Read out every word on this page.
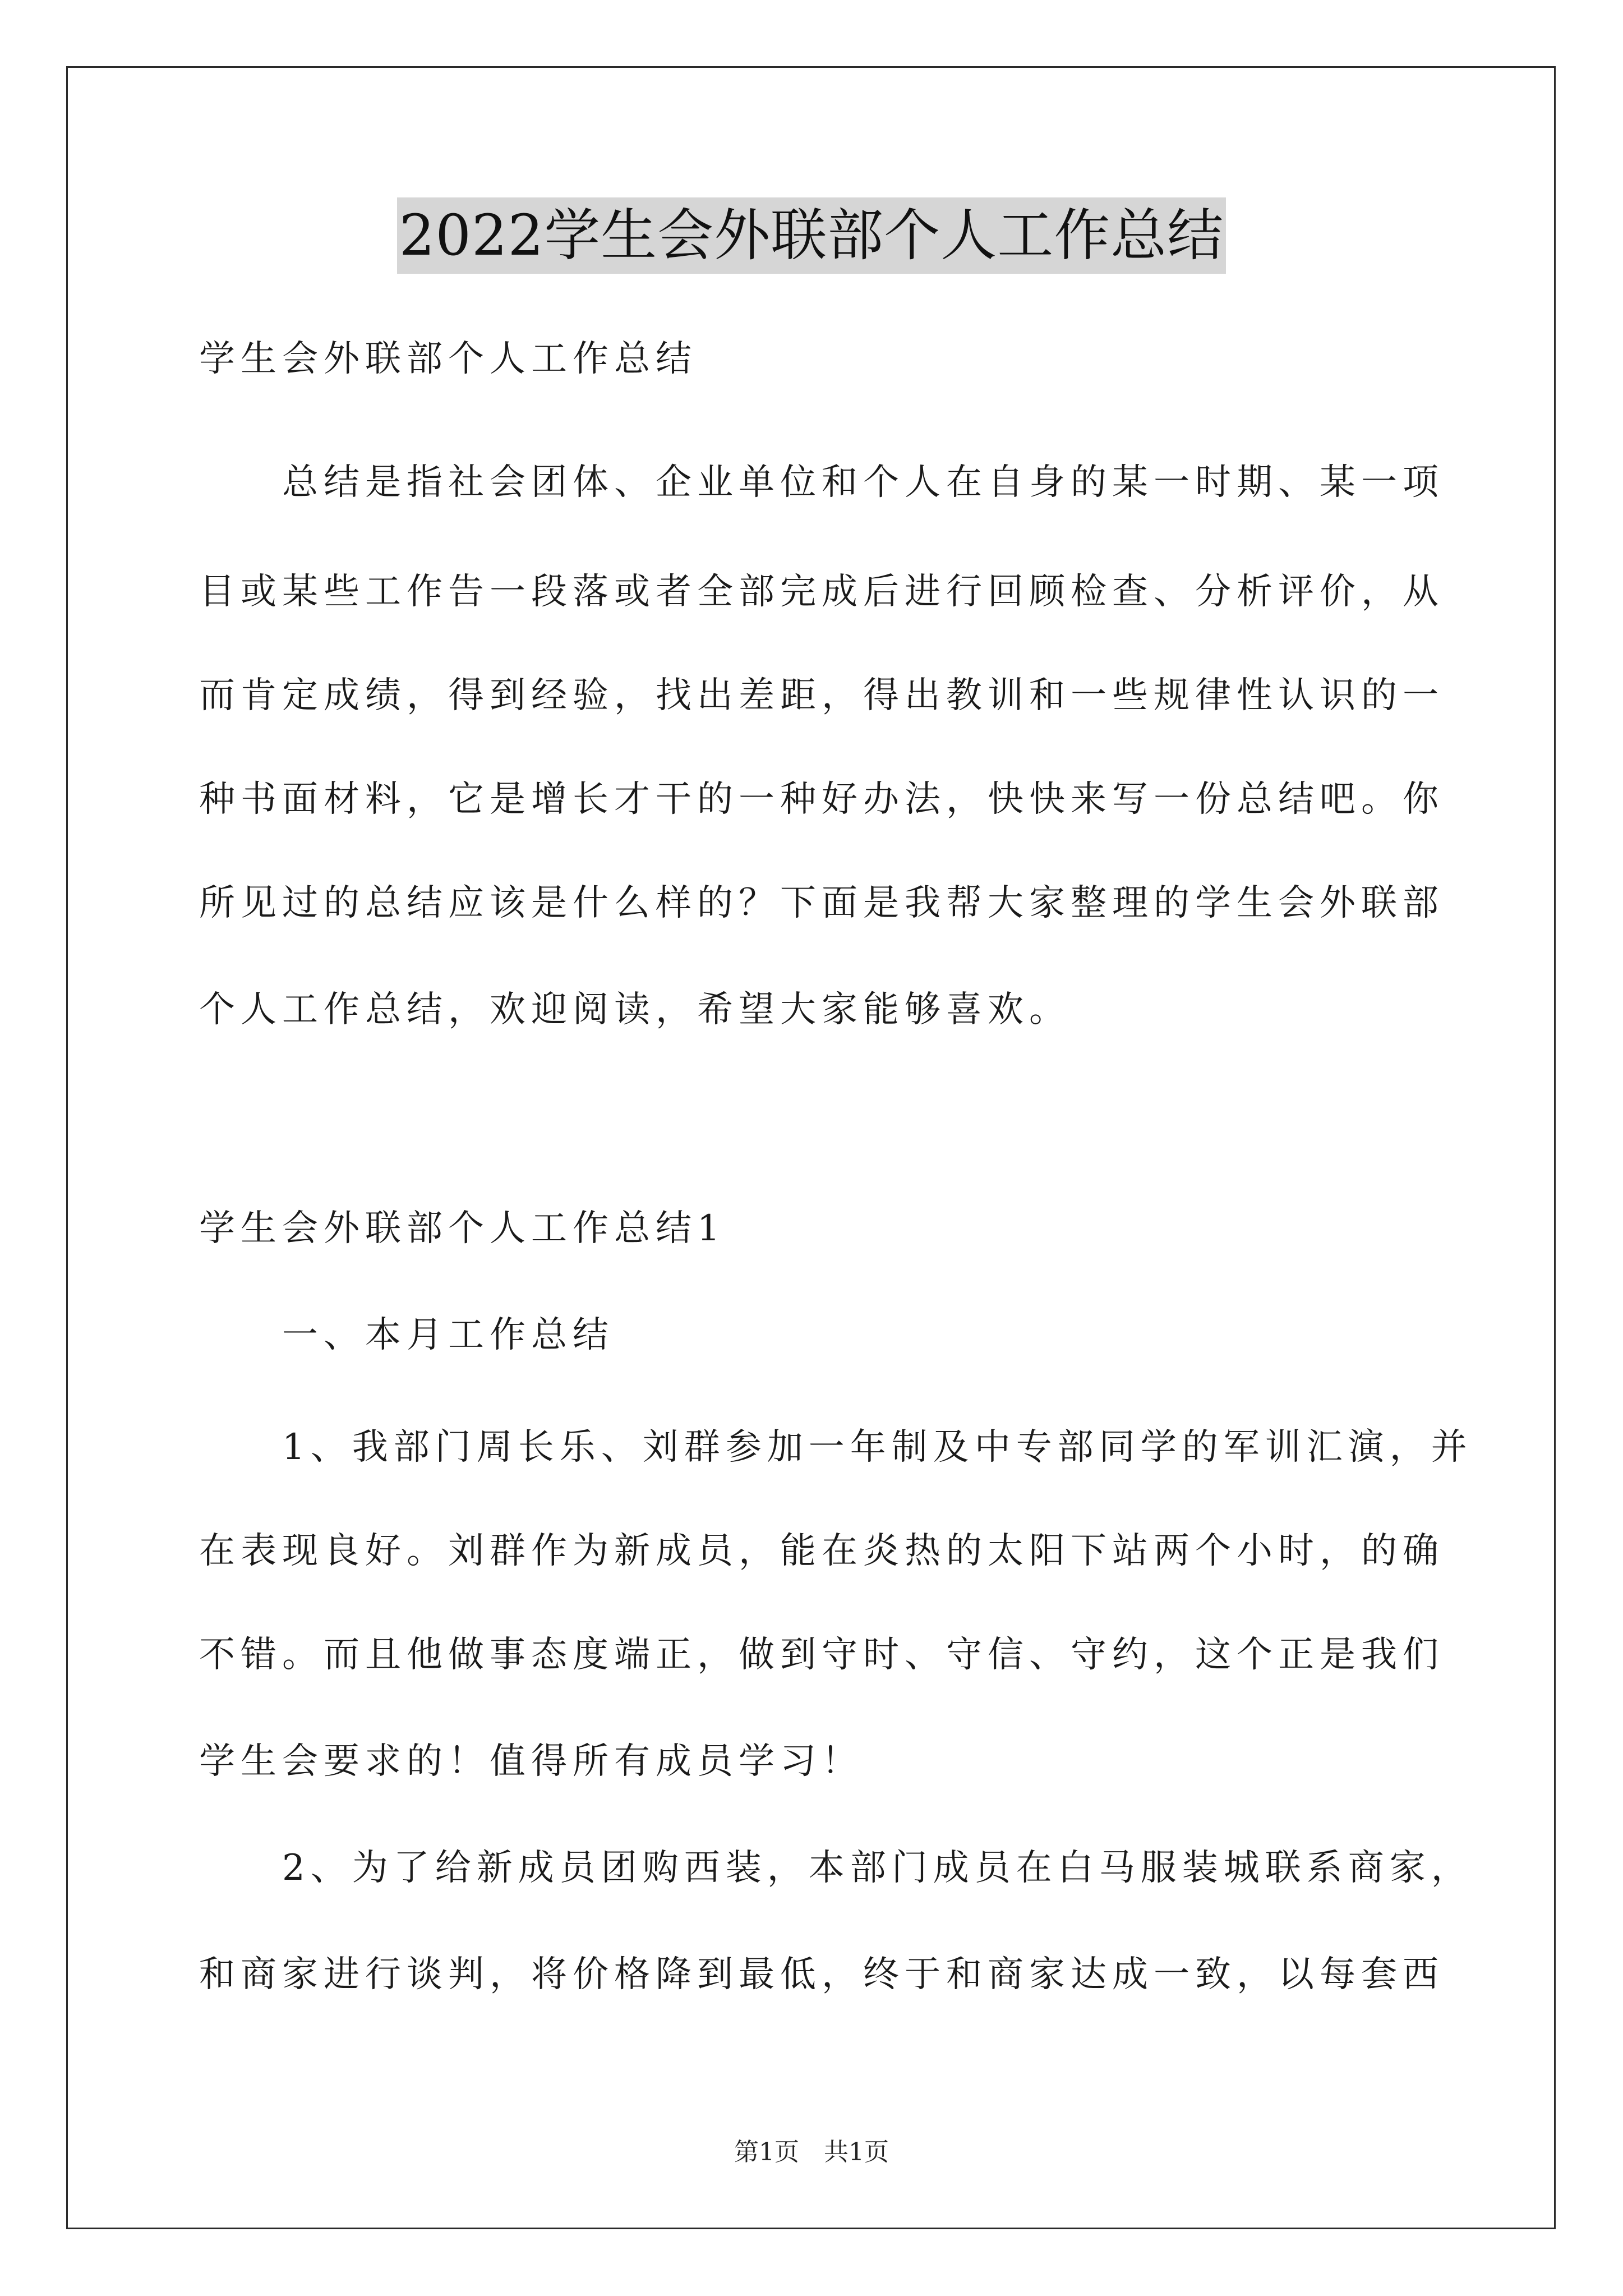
2022学生会外联部个人工作总结
学生会外联部个人工作总结
　　总结是指社会团体、企业单位和个人在自身的某一时期、某一项
目或某些工作告一段落或者全部完成后进行回顾检查、分析评价，从
而肯定成绩，得到经验，找出差距，得出教训和一些规律性认识的一
种书面材料，它是增长才干的一种好办法，快快来写一份总结吧。你
所见过的总结应该是什么样的？下面是我帮大家整理的学生会外联部
个人工作总结，欢迎阅读，希望大家能够喜欢。
学生会外联部个人工作总结1
　　一、本月工作总结
　　1、我部门周长乐、刘群参加一年制及中专部同学的军训汇演，并
在表现良好。刘群作为新成员，能在炎热的太阳下站两个小时，的确
不错。而且他做事态度端正，做到守时、守信、守约，这个正是我们
学生会要求的！值得所有成员学习！
　　2、为了给新成员团购西装，本部门成员在白马服装城联系商家，
和商家进行谈判，将价格降到最低，终于和商家达成一致，以每套西
第1页　共1页
